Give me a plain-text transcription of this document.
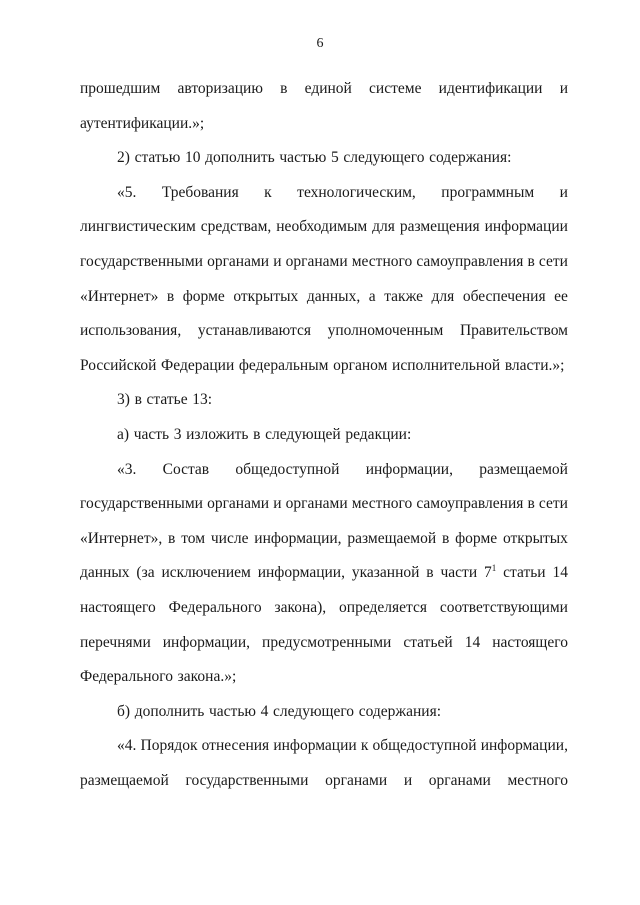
6
прошедшим авторизацию в единой системе идентификации и
аутентификации.»;
2) статью 10 дополнить частью 5 следующего содержания:
«5. Требования к технологическим, программным и
лингвистическим средствам, необходимым для размещения информации
государственными органами и органами местного самоуправления в сети
«Интернет» в форме открытых данных, а также для обеспечения ее
использования, устанавливаются уполномоченным Правительством
Российской Федерации федеральным органом исполнительной власти.»;
3) в статье 13:
а) часть 3 изложить в следующей редакции:
«3. Состав общедоступной информации, размещаемой
государственными органами и органами местного самоуправления в сети
«Интернет», в том числе информации, размещаемой в форме открытых
данных (за исключением информации, указанной в части $7^1$ статьи 14
настоящего Федерального закона), определяется соответствующими
перечнями информации, предусмотренными статьей 14 настоящего
Федерального закона.»;
б) дополнить частью 4 следующего содержания:
«4. Порядок отнесения информации к общедоступной информации,
размещаемой государственными органами и органами местного
